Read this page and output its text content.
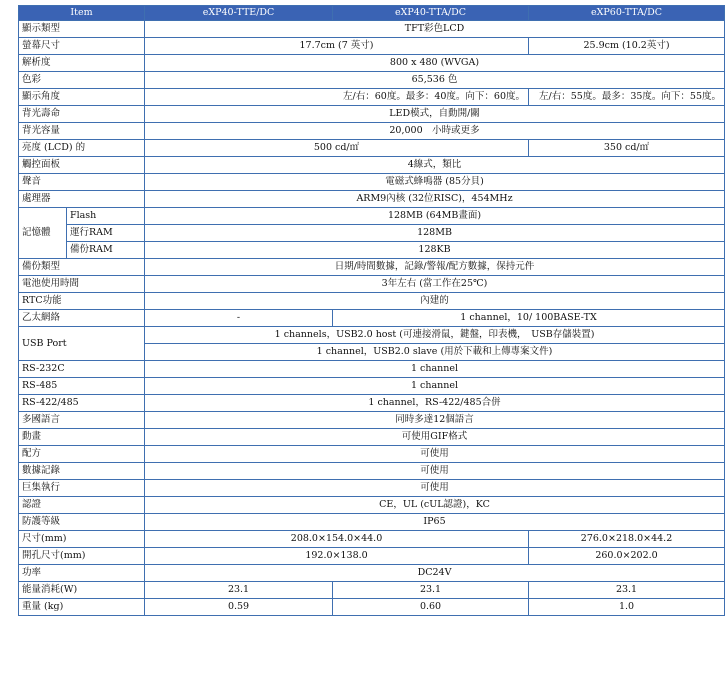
Item		eXP40-TTE/DC	eXP40-TTA/DC	eXP60-TTA/DC
顯示類型		TFT彩色LCD		
螢幕尺寸		17.7cm (7 英寸)		25.9cm (10.2英寸)
解析度		800 x 480 (WVGA)		
色彩		65,536 色		
顯示角度		左/右：60度。最多：40度。向下：60度。		左/右：55度。最多：35度。向下：55度。
背光壽命		LED模式，自動開/關		
背光容量		20,000　小時或更多		
亮度 (LCD) 的		500 cd/㎡		350 cd/㎡
觸控面板		4線式，類比		
聲音		電磁式蜂鳴器 (85分貝)		
處理器		ARM9內核 (32位RISC)，454MHz		
記憶體	Flash	128MB (64MB畫面)		
	運行RAM	128MB		
	備份RAM	128KB		
備份類型		日期/時間數據，記錄/警報/配方數據，保持元件		
電池使用時間		3年左右 (當工作在25℃)		
RTC功能		內建的		
乙太網絡		-	1 channel，10/ 100BASE-TX	
USB Port		1 channels，USB2.0 host (可連接滑鼠，鍵盤，印表機，　USB存儲裝置)		
		1 channel，USB2.0 slave (用於下載和上傳專案文件)		
RS-232C		1 channel		
RS-485		1 channel		
RS-422/485		1 channel，RS-422/485合併		
多國語言		同時多達12個語言		
動畫		可使用GIF格式		
配方		可使用		
數據記錄		可使用		
巨集執行		可使用		
認證		CE，UL (cUL認證)，KC		
防護等級		IP65		
尺寸(mm)		208.0×154.0×44.0		276.0×218.0×44.2
開孔尺寸(mm)		192.0×138.0		260.0×202.0
功率		DC24V		
能量消耗(W)		23.1	23.1	23.1
重量 (kg)		0.59	0.60	1.0
